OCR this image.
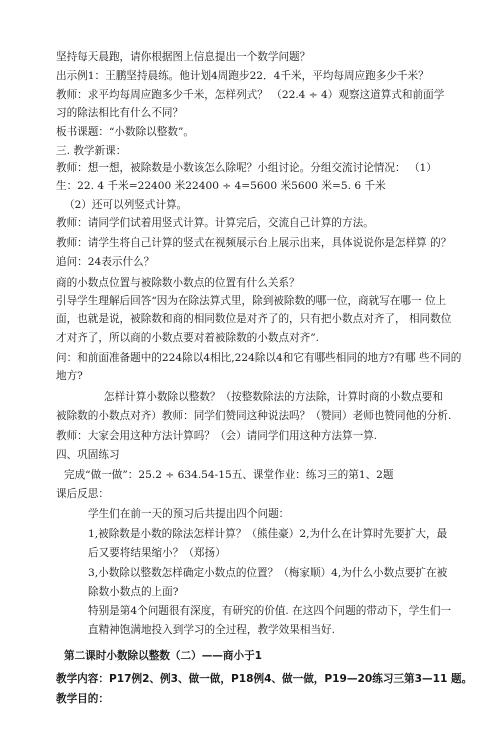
坚持每天晨跑，请你根据图上信息提出一个数学问题？
出示例1：王鹏坚持晨练。他计划4周跑步22．4千米，平均每周应跑多少千米？
教师：求平均每周应跑多少千米，怎样列式？ （22.4 ÷ 4）观察这道算式和前面学
习的除法相比有什么不同？
板书课题：“小数除以整数”。
三. 教学新课：
教师：想一想，被除数是小数该怎么除呢？小组讨论。分组交流讨论情况： （1）
生：22. 4 千米=22400 米22400 ÷ 4=5600 米5600 米=5. 6 千米
（2）还可以列竖式计算。
教师：请同学们试着用竖式计算。计算完后，交流自己计算的方法。
教师：请学生将自己计算的竖式在视频展示台上展示出来，具体说说你是怎样算 的？
追问：24表示什么？
商的小数点位置与被除数小数点的位置有什么关系？
引导学生理解后回答“因为在除法算式里，除到被除数的哪一位，商就写在哪一 位上
面，也就是说，被除数和商的相同数位是对齐了的，只有把小数点对齐了， 相同数位
才对齐了，所以商的小数点要对着被除数的小数点对齐”.
问：和前面准备题中的224除以4相比,224除以4和它有哪些相同的地方?有哪 些不同的
地方?
怎样计算小数除以整数？（按整数除法的方法除，计算时商的小数点要和
被除数的小数点对齐）教师：同学们赞同这种说法吗？（赞同）老师也赞同他的分析.
教师：大家会用这种方法计算吗？（会）请同学们用这种方法算一算.
四、巩固练习
完成“做一做”：25.2 ÷ 634.54-15五、课堂作业：练习三的第1、2题
课后反思：
学生们在前一天的预习后共提出四个问题：
1,被除数是小数的除法怎样计算？（熊佳豪）2,为什么在计算时先要扩大，最
后又要将结果缩小？（郑扬）
3,小数除以整数怎样确定小数点的位置？（梅家顺）4,为什么小数点要扩在被
除数小数点的上面?
特别是第4个问题很有深度，有研究的价值. 在这四个问题的带动下，学生们一
直精神饱满地投入到学习的全过程，教学效果相当好.
第二课时小数除以整数（二）——商小于1
教学内容：P17例2、例3、做一做，P18例4、做一做，P19—20练习三第3—11 题。
教学目的：
